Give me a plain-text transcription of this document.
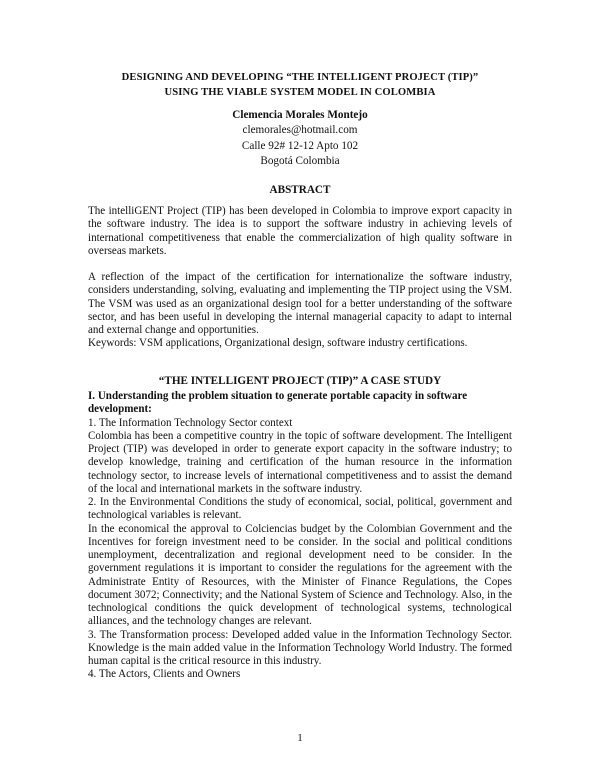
DESIGNING AND DEVELOPING “THE INTELLIGENT PROJECT (TIP)”
USING THE VIABLE SYSTEM MODEL IN COLOMBIA
Clemencia Morales Montejo
clemorales@hotmail.com
Calle 92# 12-12 Apto 102
Bogotá Colombia
ABSTRACT

The intelliGENT Project (TIP) has been developed in Colombia to improve export capacity in the software industry. The idea is to support the software industry in achieving levels of international competitiveness that enable the commercialization of high quality software in overseas markets.

A reflection of the impact of the certification for internationalize the software industry, considers understanding, solving, evaluating and implementing the TIP project using the VSM. The VSM was used as an organizational design tool for a better understanding of the software sector, and has been useful in developing the internal managerial capacity to adapt to internal and external change and opportunities.

Keywords: VSM applications, Organizational design, software industry certifications.

“THE INTELLIGENT PROJECT (TIP)” A CASE STUDY

I. Understanding the problem situation to generate portable capacity in software development:

1. The Information Technology Sector context

Colombia has been a competitive country in the topic of software development. The Intelligent Project (TIP) was developed in order to generate export capacity in the software industry; to develop knowledge, training and certification of the human resource in the information technology sector, to increase levels of international competitiveness and to assist the demand of the local and international markets in the software industry.

2. In the Environmental Conditions the study of economical, social, political, government and technological variables is relevant.

In the economical the approval to Colciencias budget by the Colombian Government and the Incentives for foreign investment need to be consider. In the social and political conditions unemployment, decentralization and regional development need to be consider. In the government regulations it is important to consider the regulations for the agreement with the Administrate Entity of Resources, with the Minister of Finance Regulations, the Copes document 3072; Connectivity; and the National System of Science and Technology. Also, in the technological conditions the quick development of technological systems, technological alliances, and the technology changes are relevant.

3. The Transformation process: Developed added value in the Information Technology Sector. Knowledge is the main added value in the Information Technology World Industry. The formed human capital is the critical resource in this industry.

4. The Actors, Clients and Owners

1
